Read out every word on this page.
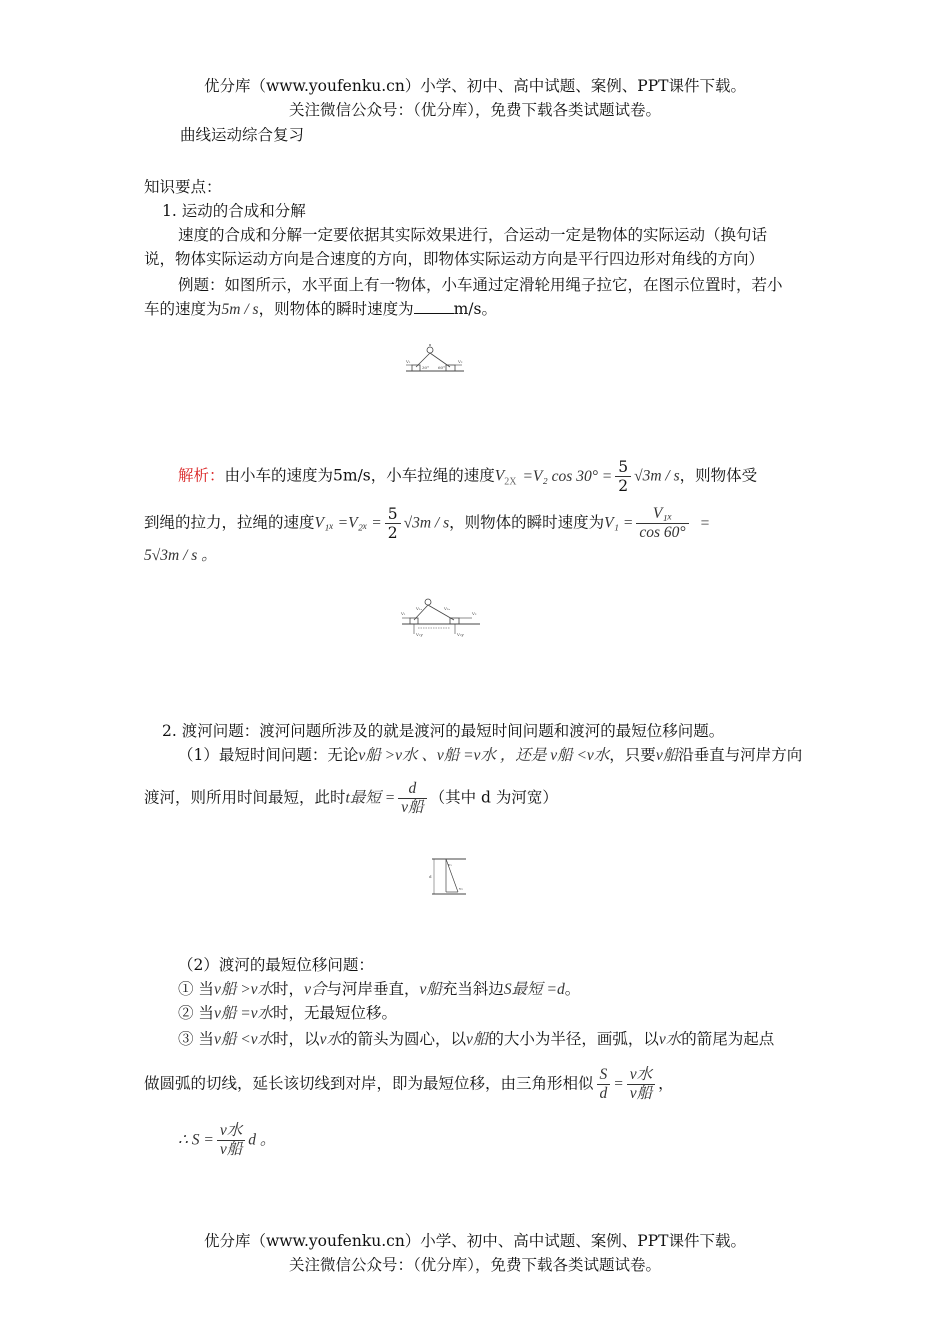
优分库（www.youfenku.cn）小学、初中、高中试题、案例、PPT课件下载。
关注微信公众号：（优分库），免费下载各类试题试卷。
曲线运动综合复习
知识要点：
1. 运动的合成和分解
速度的合成和分解一定要依据其实际效果进行，合运动一定是物体的实际运动（换句话
说，物体实际运动方向是合速度的方向，即物体实际运动方向是平行四边形对角线的方向）
例题：如图所示，水平面上有一物体，小车通过定滑轮用绳子拉它，在图示位置时，若小
车的速度为5m / s，则物体的瞬时速度为	m/s。
V₁
30° 60°
V₂
解析：由小车的速度为5m/s，小车拉绳的速度$V_{2X} =V_2$ $\cos 30^\circ = \frac{5}{2} √3m / s$，则物体受
到绳的拉力，拉绳的速度$V_{1x} =V_{2x} = \frac{5}{2} √3m / s$，则物体的瞬时速度为$V_1 = \frac{\text{V₁ₓ}}{\cos 60^\circ}$ =
5√3m / s 。
V₁
V₁ₓ	V₂ₓ
V₂
V₁y	V₂y
2. 渡河问题：渡河问题所涉及的就是渡河的最短时间问题和渡河的最短位移问题。
（1）最短时间问题：无论v船 >v水 、v船 =v水 ，还是 v船 <v水，只要v船沿垂直与河岸方向
渡河，则所用时间最短，此时t最短 = $\frac{d}{\text{v船}}$ （其中 d 为河宽）
v₁
v₂
d
（2）渡河的最短位移问题：
① 当v船 >v水时，v合与河岸垂直，v船充当斜边S最短 =d。
② 当v船 =v水时，无最短位移。
③ 当v船 <v水时，以v水的箭头为圆心，以v船的大小为半径，画弧，以v水的箭尾为起点
做圆弧的切线，延长该切线到对岸，即为最短位移，由三角形相似 $\frac{S}{d} = \frac{\text{v水}}{\text{v船}}$ ，
∴ $S = \frac{\text{v水}}{\text{v船}}$ d 。
优分库（www.youfenku.cn）小学、初中、高中试题、案例、PPT课件下载。
关注微信公众号：（优分库），免费下载各类试题试卷。
